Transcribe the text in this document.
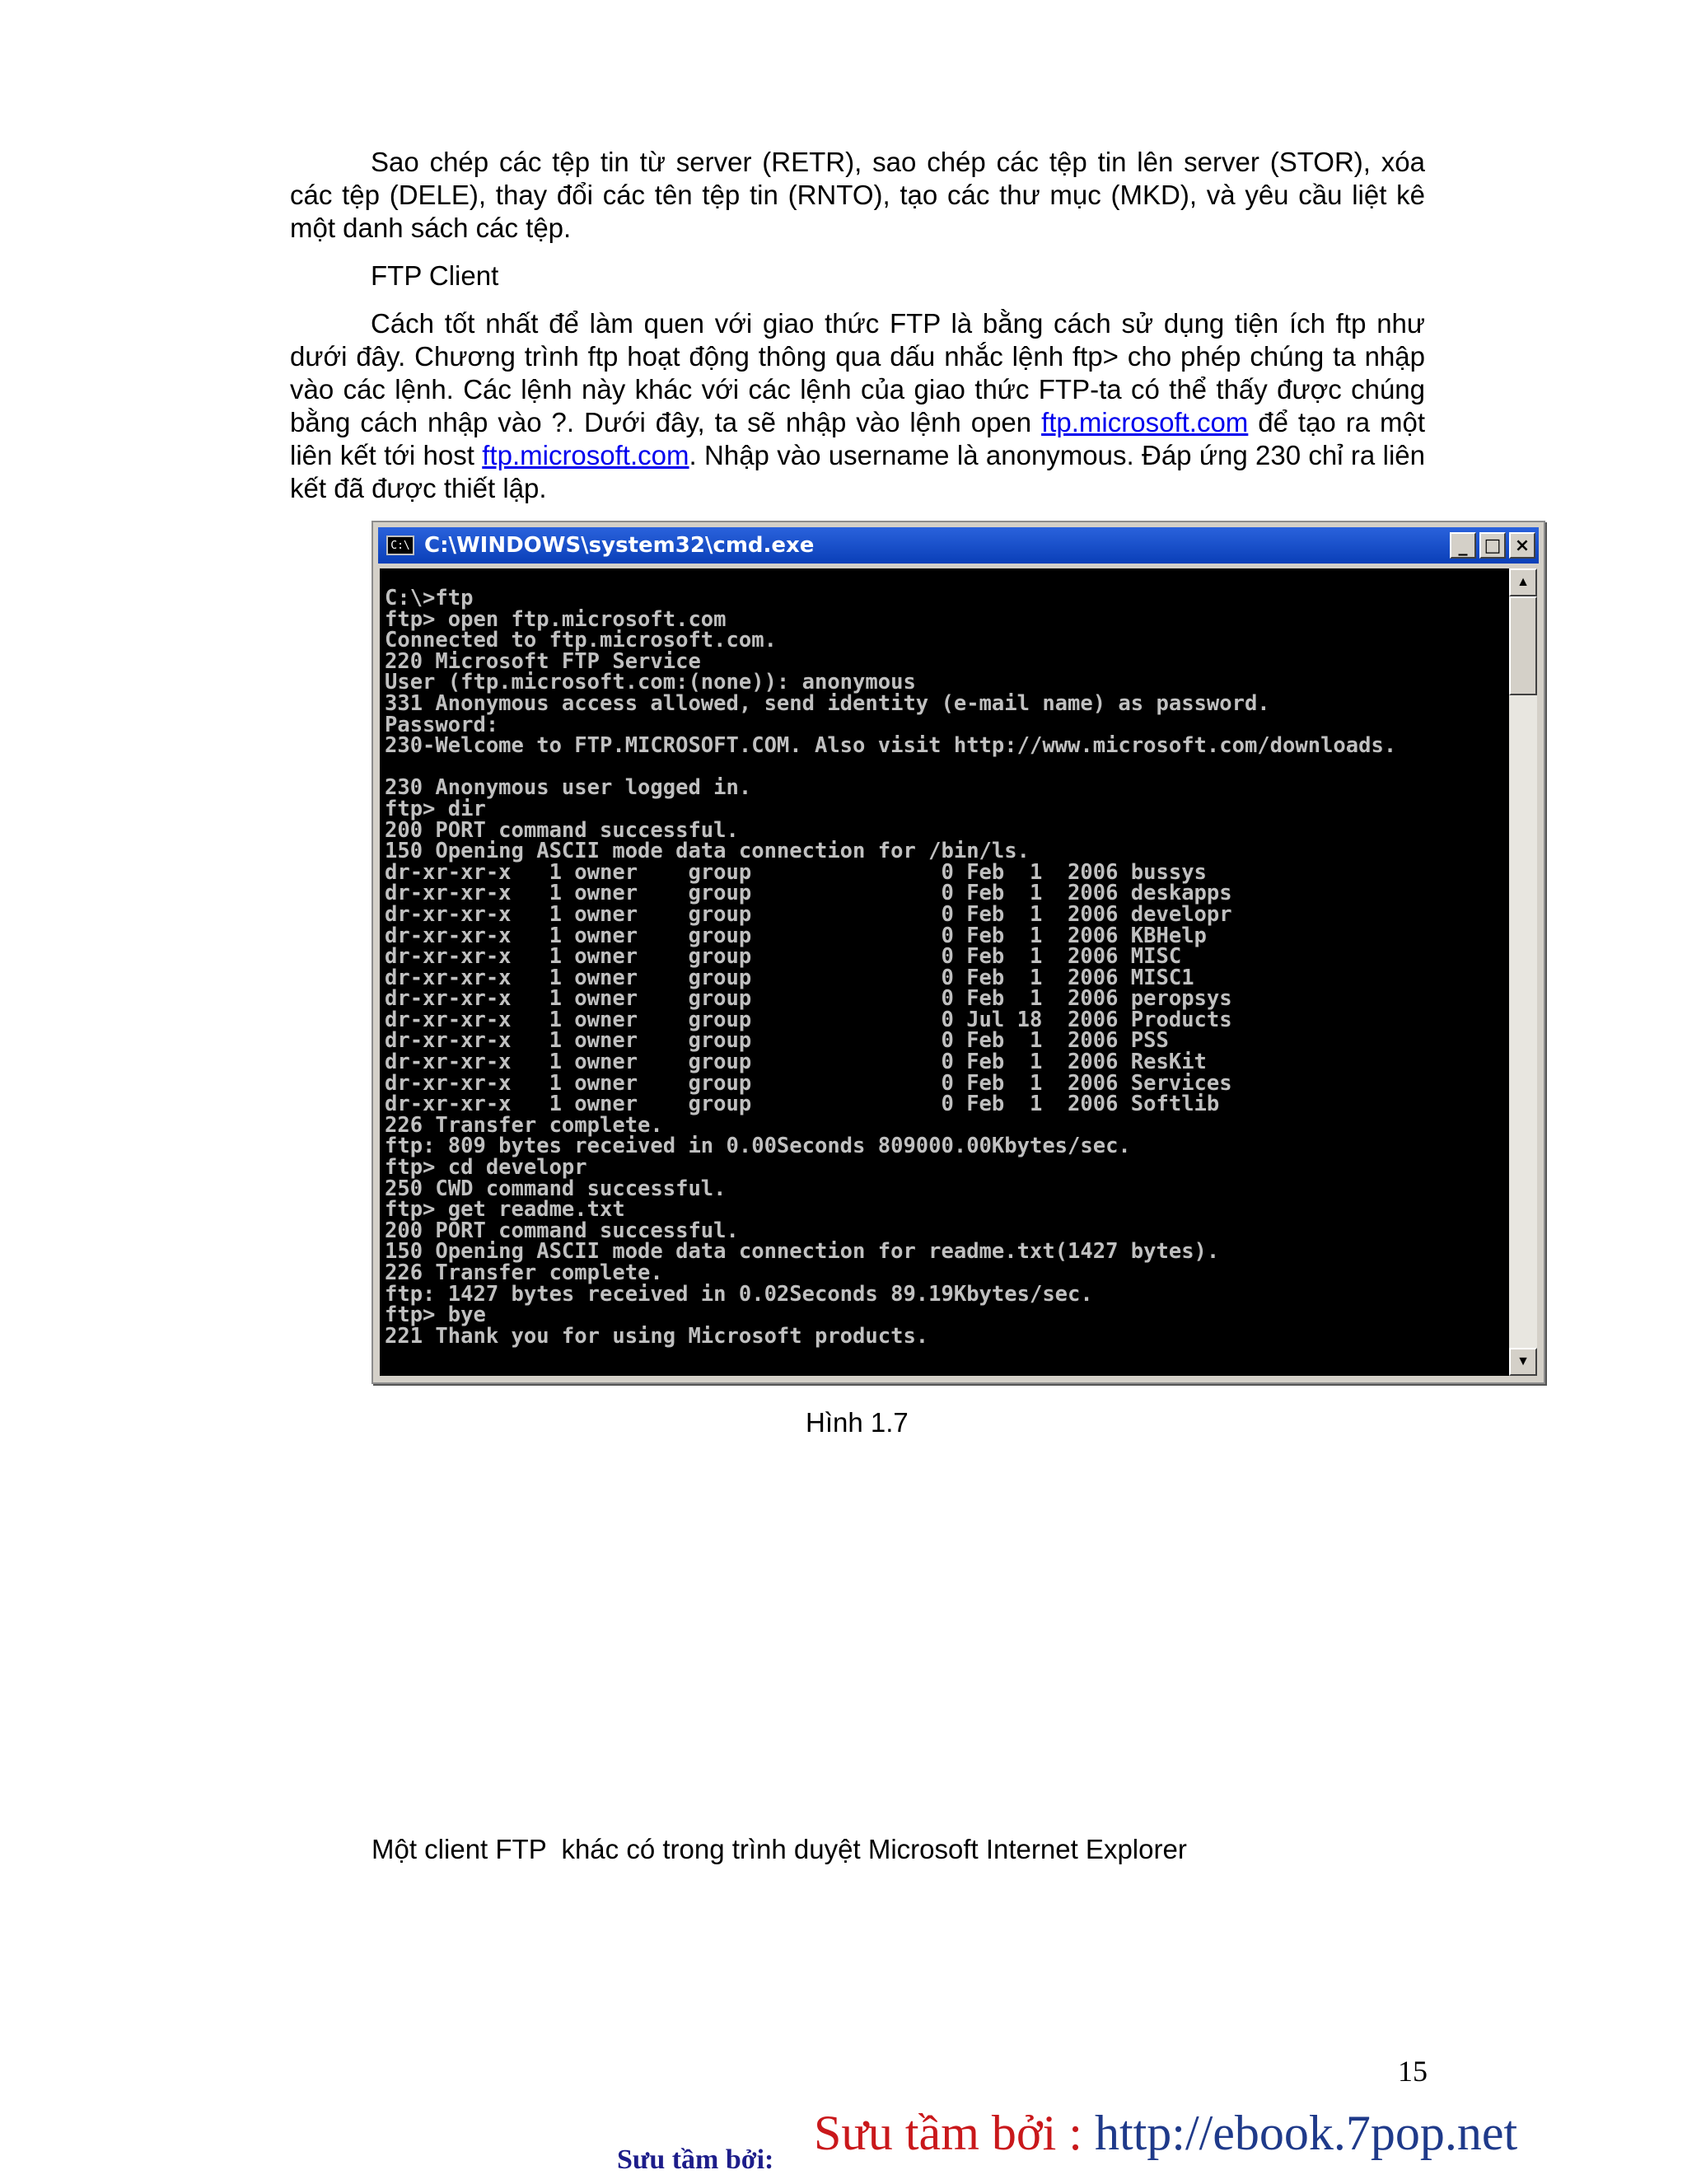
Sao chép các tệp tin từ server (RETR), sao chép các tệp tin lên server (STOR), xóa các tệp (DELE), thay đổi các tên tệp tin (RNTO), tạo các thư mục (MKD), và yêu cầu liệt kê một danh sách các tệp.

FTP Client

Cách tốt nhất để làm quen với giao thức FTP là bằng cách sử dụng tiện ích ftp như dưới đây. Chương trình ftp hoạt động thông qua dấu nhắc lệnh ftp> cho phép chúng ta nhập vào các lệnh. Các lệnh này khác với các lệnh của giao thức FTP-ta có thể thấy được chúng bằng cách nhập vào ?. Dưới đây, ta sẽ nhập vào lệnh open ftp.microsoft.com để tạo ra một liên kết tới host ftp.microsoft.com. Nhập vào username là anonymous. Đáp ứng 230 chỉ ra liên kết đã được thiết lập.

C:\ C:\WINDOWS\system32\cmd.exe	_ □ ×
C:\>ftp
ftp> open ftp.microsoft.com
Connected to ftp.microsoft.com.
220 Microsoft FTP Service
User (ftp.microsoft.com:(none)): anonymous
331 Anonymous access allowed, send identity (e-mail name) as password.
Password:
230-Welcome to FTP.MICROSOFT.COM. Also visit http://www.microsoft.com/downloads.

230 Anonymous user logged in.
ftp> dir
200 PORT command successful.
150 Opening ASCII mode data connection for /bin/ls.
dr-xr-xr-x   1 owner    group               0 Feb  1  2006 bussys
dr-xr-xr-x   1 owner    group               0 Feb  1  2006 deskapps
dr-xr-xr-x   1 owner    group               0 Feb  1  2006 developr
dr-xr-xr-x   1 owner    group               0 Feb  1  2006 KBHelp
dr-xr-xr-x   1 owner    group               0 Feb  1  2006 MISC
dr-xr-xr-x   1 owner    group               0 Feb  1  2006 MISC1
dr-xr-xr-x   1 owner    group               0 Feb  1  2006 peropsys
dr-xr-xr-x   1 owner    group               0 Jul 18  2006 Products
dr-xr-xr-x   1 owner    group               0 Feb  1  2006 PSS
dr-xr-xr-x   1 owner    group               0 Feb  1  2006 ResKit
dr-xr-xr-x   1 owner    group               0 Feb  1  2006 Services
dr-xr-xr-x   1 owner    group               0 Feb  1  2006 Softlib
226 Transfer complete.
ftp: 809 bytes received in 0.00Seconds 809000.00Kbytes/sec.
ftp> cd developr
250 CWD command successful.
ftp> get readme.txt
200 PORT command successful.
150 Opening ASCII mode data connection for readme.txt(1427 bytes).
226 Transfer complete.
ftp: 1427 bytes received in 0.02Seconds 89.19Kbytes/sec.
ftp> bye
221 Thank you for using Microsoft products.
▲
▼
Hình 1.7
Một client FTP  khác có trong trình duyệt Microsoft Internet Explorer
15
Sưu tầm bởi : http://ebook.7pop.net
Sưu tầm bởi:
